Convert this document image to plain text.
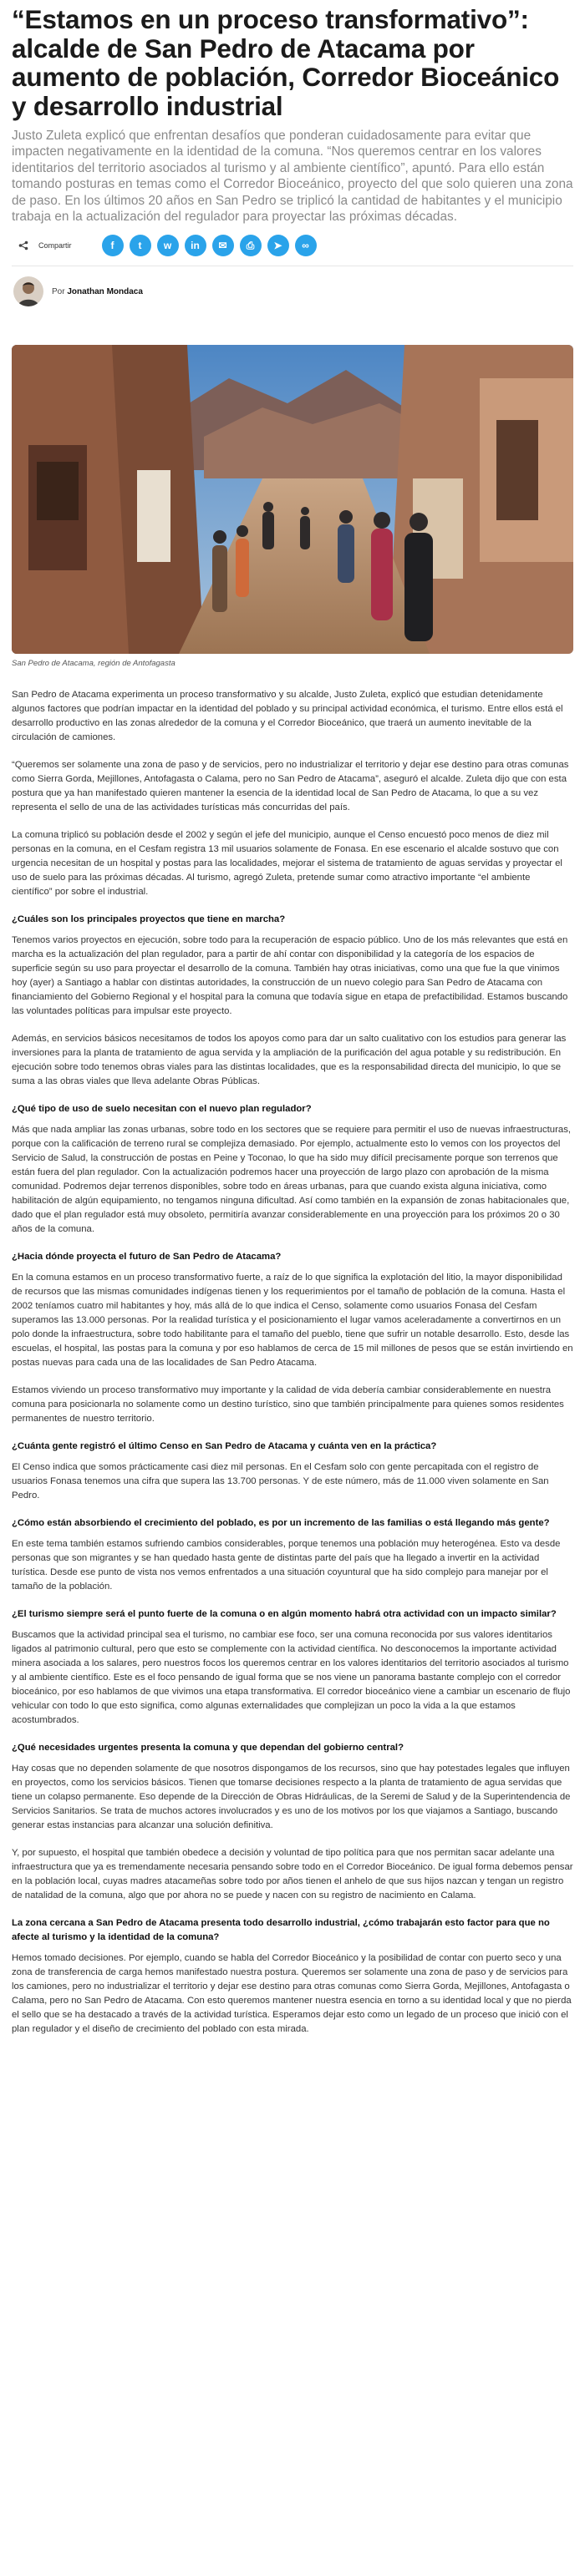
“Estamos en un proceso transformativo”: alcalde de San Pedro de Atacama por aumento de población, Corredor Bioceánico y desarrollo industrial

Justo Zuleta explicó que enfrentan desafíos que ponderan cuidadosamente para evitar que impacten negativamente en la identidad de la comuna. “Nos queremos centrar en los valores identitarios del territorio asociados al turismo y al ambiente científico”, apuntó. Para ello están tomando posturas en temas como el Corredor Bioceánico, proyecto del que solo quieren una zona de paso. En los últimos 20 años en San Pedro se triplicó la cantidad de habitantes y el municipio trabaja en la actualización del regulador para proyectar las próximas décadas.

Compartir	f t w in ✉ ⎙ ➤ ∞
Por Jonathan Mondaca
San Pedro de Atacama, región de Antofagasta

San Pedro de Atacama experimenta un proceso transformativo y su alcalde, Justo Zuleta, explicó que estudian detenidamente algunos factores que podrían impactar en la identidad del poblado y su principal actividad económica, el turismo. Entre ellos está el desarrollo productivo en las zonas alrededor de la comuna y el Corredor Bioceánico, que traerá un aumento inevitable de la circulación de camiones.

“Queremos ser solamente una zona de paso y de servicios, pero no industrializar el territorio y dejar ese destino para otras comunas como Sierra Gorda, Mejillones, Antofagasta o Calama, pero no San Pedro de Atacama”, aseguró el alcalde. Zuleta dijo que con esta postura que ya han manifestado quieren mantener la esencia de la identidad local de San Pedro de Atacama, lo que a su vez representa el sello de una de las actividades turísticas más concurridas del país.

La comuna triplicó su población desde el 2002 y según el jefe del municipio, aunque el Censo encuestó poco menos de diez mil personas en la comuna, en el Cesfam registra 13 mil usuarios solamente de Fonasa. En ese escenario el alcalde sostuvo que con urgencia necesitan de un hospital y postas para las localidades, mejorar el sistema de tratamiento de aguas servidas y proyectar el uso de suelo para las próximas décadas. Al turismo, agregó Zuleta, pretende sumar como atractivo importante “el ambiente científico” por sobre el industrial.

¿Cuáles son los principales proyectos que tiene en marcha?

Tenemos varios proyectos en ejecución, sobre todo para la recuperación de espacio público. Uno de los más relevantes que está en marcha es la actualización del plan regulador, para a partir de ahí contar con disponibilidad y la categoría de los espacios de superficie según su uso para proyectar el desarrollo de la comuna. También hay otras iniciativas, como una que fue la que vinimos hoy (ayer) a Santiago a hablar con distintas autoridades, la construcción de un nuevo colegio para San Pedro de Atacama con financiamiento del Gobierno Regional y el hospital para la comuna que todavía sigue en etapa de prefactibilidad. Estamos buscando las voluntades políticas para impulsar este proyecto.

Además, en servicios básicos necesitamos de todos los apoyos como para dar un salto cualitativo con los estudios para generar las inversiones para la planta de tratamiento de agua servida y la ampliación de la purificación del agua potable y su redistribución. En ejecución sobre todo tenemos obras viales para las distintas localidades, que es la responsabilidad directa del municipio, lo que se suma a las obras viales que lleva adelante Obras Públicas.

¿Qué tipo de uso de suelo necesitan con el nuevo plan regulador?

Más que nada ampliar las zonas urbanas, sobre todo en los sectores que se requiere para permitir el uso de nuevas infraestructuras, porque con la calificación de terreno rural se complejiza demasiado. Por ejemplo, actualmente esto lo vemos con los proyectos del Servicio de Salud, la construcción de postas en Peine y Toconao, lo que ha sido muy difícil precisamente porque son terrenos que están fuera del plan regulador. Con la actualización podremos hacer una proyección de largo plazo con aprobación de la misma comunidad. Podremos dejar terrenos disponibles, sobre todo en áreas urbanas, para que cuando exista alguna iniciativa, como habilitación de algún equipamiento, no tengamos ninguna dificultad. Así como también en la expansión de zonas habitacionales que, dado que el plan regulador está muy obsoleto, permitiría avanzar considerablemente en una proyección para los próximos 20 o 30 años de la comuna.

¿Hacia dónde proyecta el futuro de San Pedro de Atacama?

En la comuna estamos en un proceso transformativo fuerte, a raíz de lo que significa la explotación del litio, la mayor disponibilidad de recursos que las mismas comunidades indígenas tienen y los requerimientos por el tamaño de población de la comuna. Hasta el 2002 teníamos cuatro mil habitantes y hoy, más allá de lo que indica el Censo, solamente como usuarios Fonasa del Cesfam superamos las 13.000 personas. Por la realidad turística y el posicionamiento el lugar vamos aceleradamente a convertirnos en un polo donde la infraestructura, sobre todo habilitante para el tamaño del pueblo, tiene que sufrir un notable desarrollo. Esto, desde las escuelas, el hospital, las postas para la comuna y por eso hablamos de cerca de 15 mil millones de pesos que se están invirtiendo en postas nuevas para cada una de las localidades de San Pedro Atacama.

Estamos viviendo un proceso transformativo muy importante y la calidad de vida debería cambiar considerablemente en nuestra comuna para posicionarla no solamente como un destino turístico, sino que también principalmente para quienes somos residentes permanentes de nuestro territorio.

¿Cuánta gente registró el último Censo en San Pedro de Atacama y cuánta ven en la práctica?

El Censo indica que somos prácticamente casi diez mil personas. En el Cesfam solo con gente percapitada con el registro de usuarios Fonasa tenemos una cifra que supera las 13.700 personas. Y de este número, más de 11.000 viven solamente en San Pedro.

¿Cómo están absorbiendo el crecimiento del poblado, es por un incremento de las familias o está llegando más gente?

En este tema también estamos sufriendo cambios considerables, porque tenemos una población muy heterogénea. Esto va desde personas que son migrantes y se han quedado hasta gente de distintas parte del país que ha llegado a invertir en la actividad turística. Desde ese punto de vista nos vemos enfrentados a una situación coyuntural que ha sido complejo para manejar por el tamaño de la población.

¿El turismo siempre será el punto fuerte de la comuna o en algún momento habrá otra actividad con un impacto similar?

Buscamos que la actividad principal sea el turismo, no cambiar ese foco, ser una comuna reconocida por sus valores identitarios ligados al patrimonio cultural, pero que esto se complemente con la actividad científica. No desconocemos la importante actividad minera asociada a los salares, pero nuestros focos los queremos centrar en los valores identitarios del territorio asociados al turismo y al ambiente científico. Este es el foco pensando de igual forma que se nos viene un panorama bastante complejo con el corredor bioceánico, por eso hablamos de que vivimos una etapa transformativa. El corredor bioceánico viene a cambiar un escenario de flujo vehicular con todo lo que esto significa, como algunas externalidades que complejizan un poco la vida a la que estamos acostumbrados.

¿Qué necesidades urgentes presenta la comuna y que dependan del gobierno central?

Hay cosas que no dependen solamente de que nosotros dispongamos de los recursos, sino que hay potestades legales que influyen en proyectos, como los servicios básicos. Tienen que tomarse decisiones respecto a la planta de tratamiento de agua servidas que tiene un colapso permanente. Eso depende de la Dirección de Obras Hidráulicas, de la Seremi de Salud y de la Superintendencia de Servicios Sanitarios. Se trata de muchos actores involucrados y es uno de los motivos por los que viajamos a Santiago, buscando generar estas instancias para alcanzar una solución definitiva.

Y, por supuesto, el hospital que también obedece a decisión y voluntad de tipo política para que nos permitan sacar adelante una infraestructura que ya es tremendamente necesaria pensando sobre todo en el Corredor Bioceánico. De igual forma debemos pensar en la población local, cuyas madres atacameñas sobre todo por años tienen el anhelo de que sus hijos nazcan y tengan un registro de natalidad de la comuna, algo que por ahora no se puede y nacen con su registro de nacimiento en Calama.

La zona cercana a San Pedro de Atacama presenta todo desarrollo industrial, ¿cómo trabajarán esto factor para que no afecte al turismo y la identidad de la comuna?

Hemos tomado decisiones. Por ejemplo, cuando se habla del Corredor Bioceánico y la posibilidad de contar con puerto seco y una zona de transferencia de carga hemos manifestado nuestra postura. Queremos ser solamente una zona de paso y de servicios para los camiones, pero no industrializar el territorio y dejar ese destino para otras comunas como Sierra Gorda, Mejillones, Antofagasta o Calama, pero no San Pedro de Atacama. Con esto queremos mantener nuestra esencia en torno a su identidad local y que no pierda el sello que se ha destacado a través de la actividad turística. Esperamos dejar esto como un legado de un proceso que inició con el plan regulador y el diseño de crecimiento del poblado con esta mirada.
